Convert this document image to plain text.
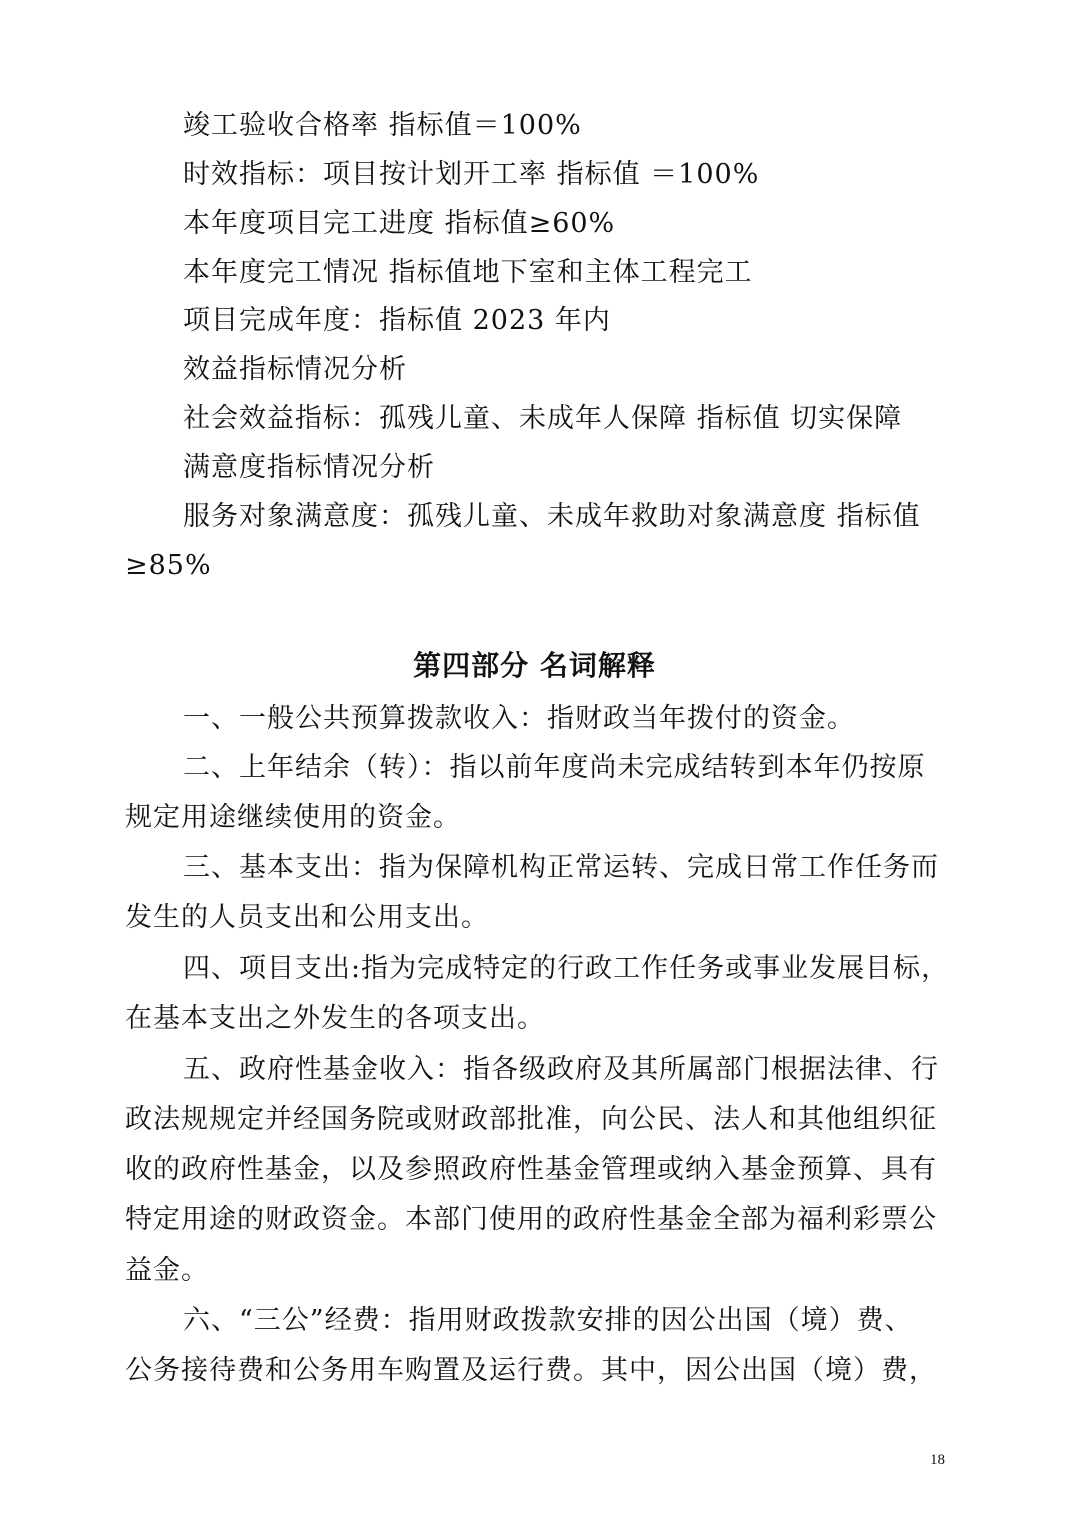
竣工验收合格率 指标值＝100%
时效指标：项目按计划开工率 指标值 ＝100%
本年度项目完工进度 指标值≥60%
本年度完工情况 指标值地下室和主体工程完工
项目完成年度：指标值 2023 年内
效益指标情况分析
社会效益指标：孤残儿童、未成年人保障 指标值 切实保障
满意度指标情况分析
服务对象满意度：孤残儿童、未成年救助对象满意度 指标值
≥85%
第四部分 名词解释
一、一般公共预算拨款收入：指财政当年拨付的资金。
二、上年结余（转）：指以前年度尚未完成结转到本年仍按原
规定用途继续使用的资金。
三、基本支出：指为保障机构正常运转、完成日常工作任务而
发生的人员支出和公用支出。
四、项目支出:指为完成特定的行政工作任务或事业发展目标，
在基本支出之外发生的各项支出。
五、政府性基金收入：指各级政府及其所属部门根据法律、行
政法规规定并经国务院或财政部批准，向公民、法人和其他组织征
收的政府性基金，以及参照政府性基金管理或纳入基金预算、具有
特定用途的财政资金。本部门使用的政府性基金全部为福利彩票公
益金。
六、“三公”经费：指用财政拨款安排的因公出国（境）费、
公务接待费和公务用车购置及运行费。其中，因公出国（境）费，
18
